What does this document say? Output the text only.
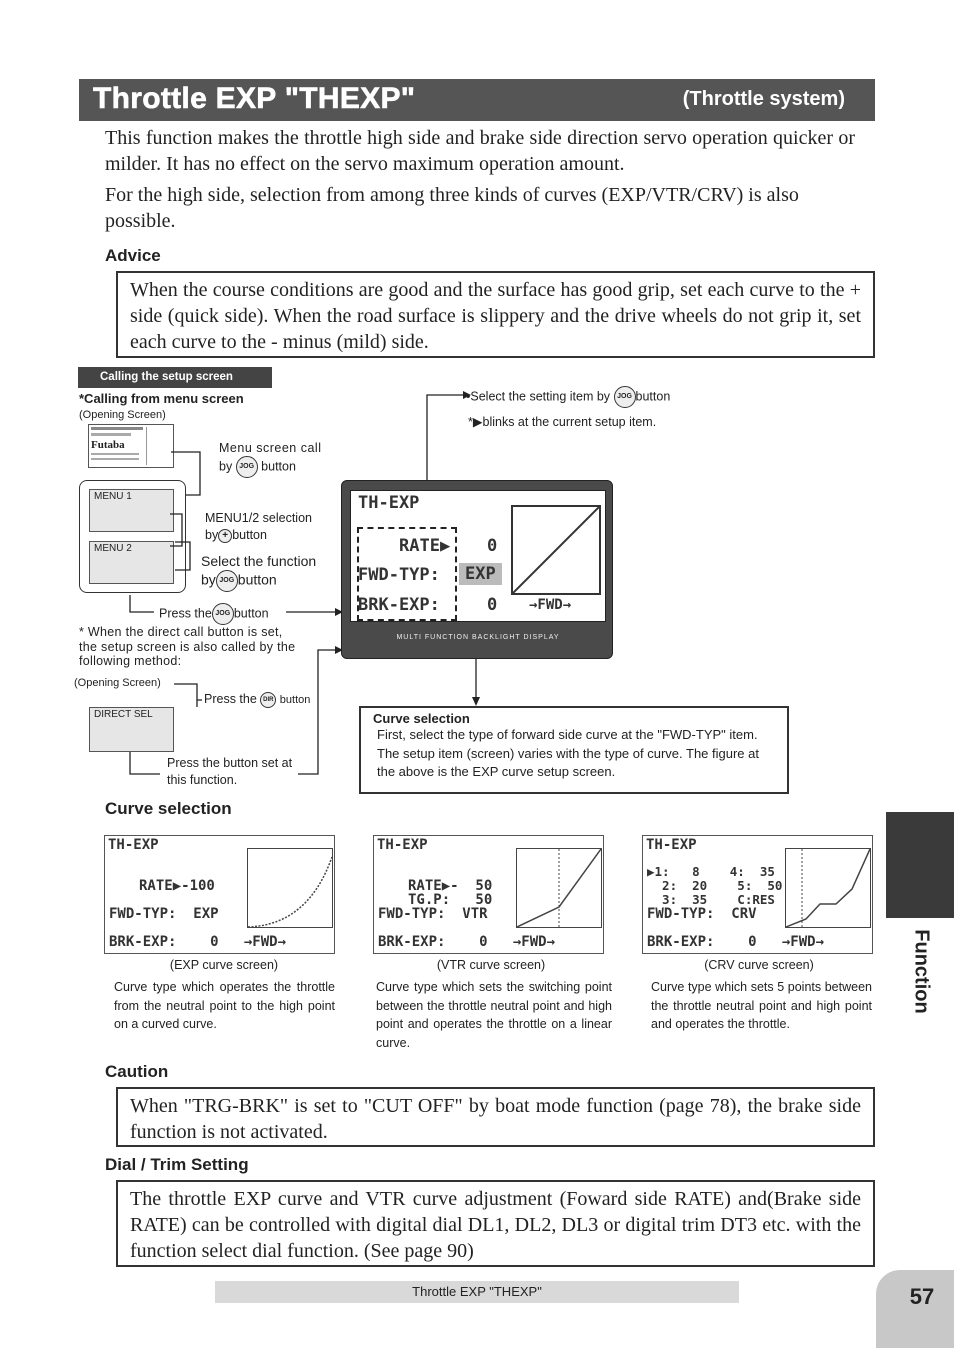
Throttle EXP "THEXP"	(Throttle system)
This function makes the throttle high side and brake side direction servo operation quicker or milder. It has no effect on the servo maximum operation amount.
For the high side, selection from among three kinds of curves (EXP/VTR/CRV) is also possible.
Advice
When the course conditions are good and the surface has good grip, set each curve to the + side (quick side). When the road surface is slippery and the drive wheels do not grip it, set each curve to the - minus (mild) side.
Calling the setup screen
*Calling from menu screen
(Opening Screen)
Futaba	Menu screen call
by JOG button
MENU 1
MENU 2
MENU1/2 selection
by + button
Select the function
by JOG button
Press the JOG button
* When the direct call button is set, the setup screen is also called by the following method:
(Opening Screen)
Press the DIR button
DIRECT SEL
Press the button set at this function.
•Select the setting item by JOG button
*▶blinks at the current setup item.
TH-EXP
RATE▶ 0
FWD-TYP:	EXP
BRK-EXP:	0 →FWD→
MULTI FUNCTION BACKLIGHT DISPLAY
Curve selection
First, select the type of forward side curve at the "FWD-TYP" item. The setup item (screen) varies with the type of curve. The figure at the above is the EXP curve setup screen.
Curve selection
TH-EXP
RATE▶-100
FWD-TYP:  EXP
BRK-EXP:    0   →FWD→
(EXP curve screen)
Curve type which operates the throttle from the neutral point to the high point on a curved curve.
TH-EXP
RATE▶-  50
TG.P:   50
FWD-TYP:  VTR
BRK-EXP:    0   →FWD→
(VTR curve screen)
Curve type which sets the switching point between the throttle neutral point and high point and operates the throttle on a linear curve.
TH-EXP
▶1:   8    4:  35
2:  20    5:  50
3:  35    C:RES
FWD-TYP:  CRV
BRK-EXP:    0   →FWD→
(CRV curve screen)
Curve type which sets 5 points between the throttle neutral point and high point and operates the throttle.
Caution
When "TRG-BRK" is set to "CUT OFF" by boat mode function (page 78), the brake side function is not activated.
Dial / Trim Setting
The throttle EXP curve and VTR curve adjustment (Foward side RATE) and(Brake side RATE) can be controlled with digital dial DL1, DL2, DL3 or digital trim DT3 etc. with the function select dial function. (See page 90)
Function
Throttle EXP "THEXP"	57
